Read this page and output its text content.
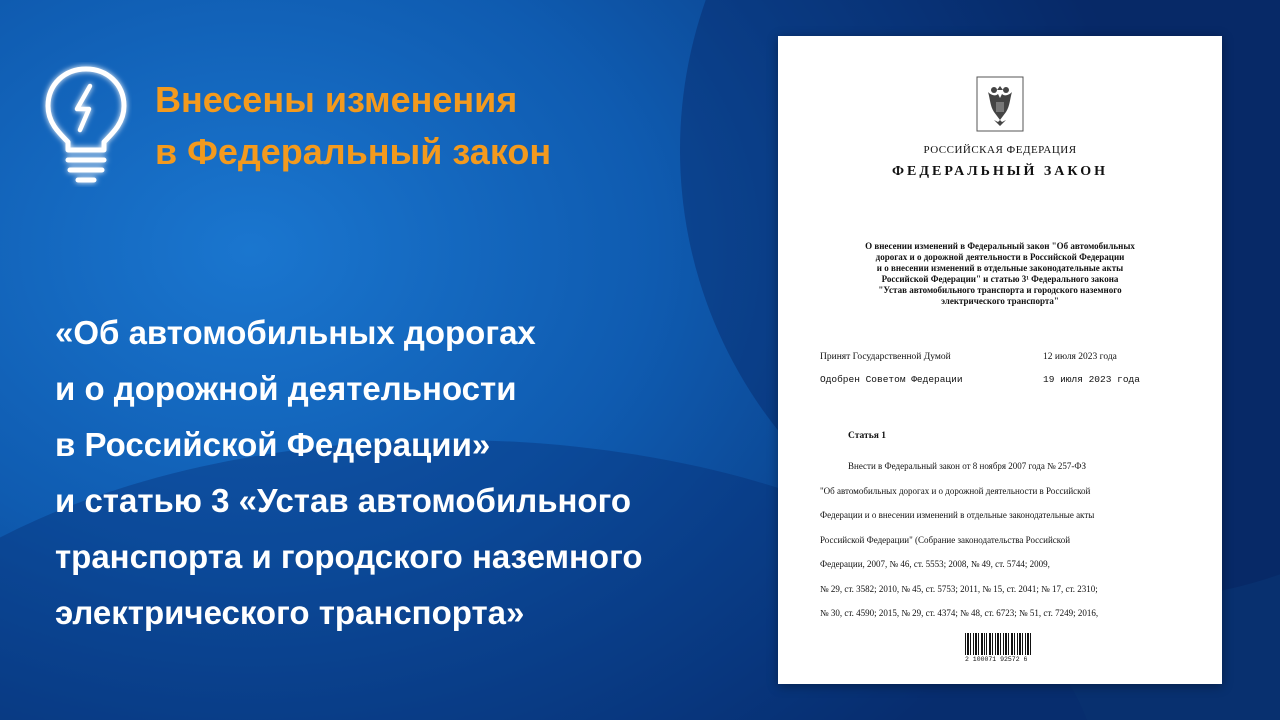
Внесены изменения
в Федеральный закон

«Об автомобильных дорогах
и о дорожной деятельности
в Российской Федерации»
и статью 3 «Устав автомобильного
транспорта и городского наземного
электрического транспорта»

РОССИЙСКАЯ ФЕДЕРАЦИЯ

ФЕДЕРАЛЬНЫЙ ЗАКОН

О внесении изменений в Федеральный закон "Об автомобильных
дорогах и о дорожной деятельности в Российской Федерации
и о внесении изменений в отдельные законодательные акты
Российской Федерации" и статью 3¹ Федерального закона
"Устав автомобильного транспорта и городского наземного
электрического транспорта"

Принят Государственной Думой	12 июля 2023 года

Одобрен Советом Федерации	19 июля 2023 года

Статья 1

Внести в Федеральный закон от 8 ноября 2007 года № 257-ФЗ
"Об автомобильных дорогах и о дорожной деятельности в Российской
Федерации и о внесении изменений в отдельные законодательные акты
Российской Федерации" (Собрание законодательства Российской
Федерации, 2007, № 46, ст. 5553; 2008, № 49, ст. 5744; 2009,
№ 29, ст. 3582; 2010, № 45, ст. 5753; 2011, № 15, ст. 2041; № 17, ст. 2310;
№ 30, ст. 4590; 2015, № 29, ст. 4374; № 48, ст. 6723; № 51, ст. 7249; 2016,

2 100071 92572 6
